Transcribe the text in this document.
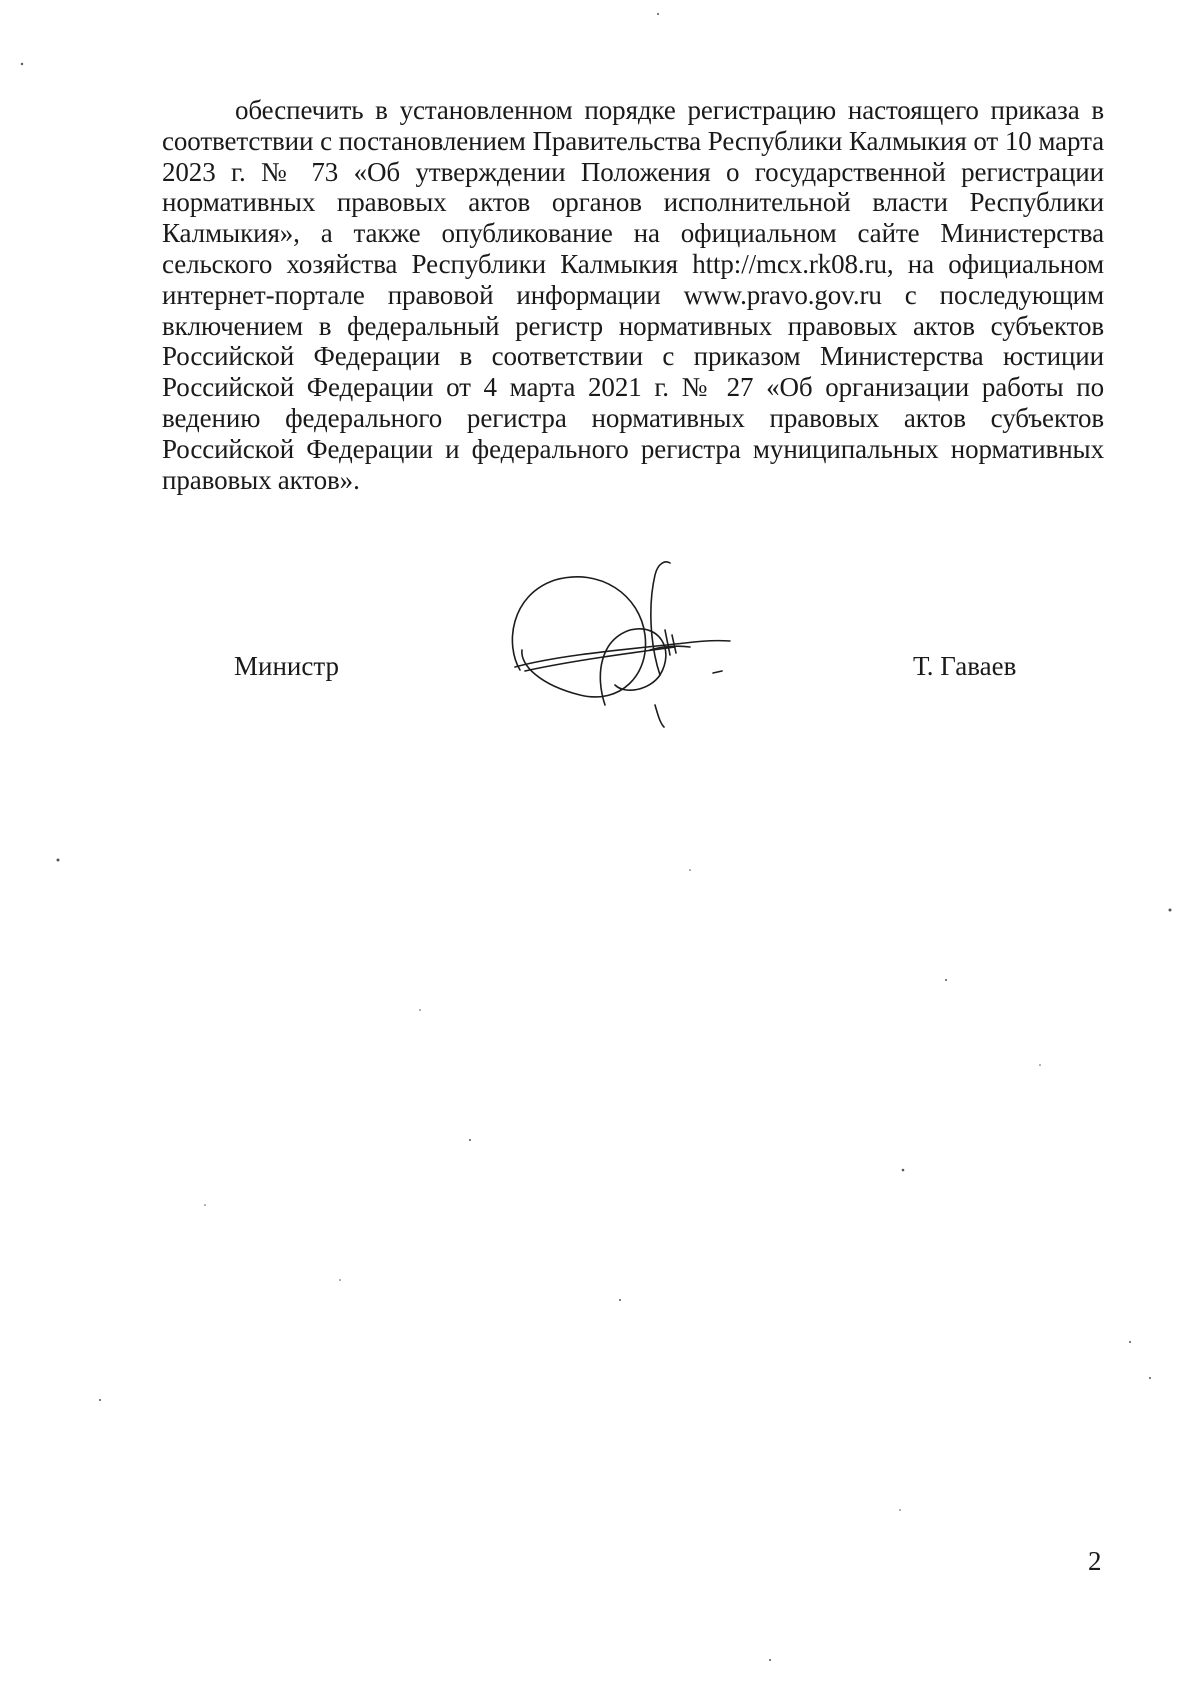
обеспечить в установленном порядке регистрацию настоящего приказа в соответствии с постановлением Правительства Республики Калмыкия от 10 марта 2023 г. № 73 «Об утверждении Положения о государственной регистрации нормативных правовых актов органов исполнительной власти Республики Калмыкия», а также опубликование на официальном сайте Министерства сельского хозяйства Республики Калмыкия http://mcx.rk08.ru, на официальном интернет-портале правовой информации www.pravo.gov.ru с последующим включением в федеральный регистр нормативных правовых актов субъектов Российской Федерации в соответствии с приказом Министерства юстиции Российской Федерации от 4 марта 2021 г. № 27 «Об организации работы по ведению федерального регистра нормативных правовых актов субъектов Российской Федерации и федерального регистра муниципальных нормативных правовых актов».

Министр	Т. Гаваев

2
